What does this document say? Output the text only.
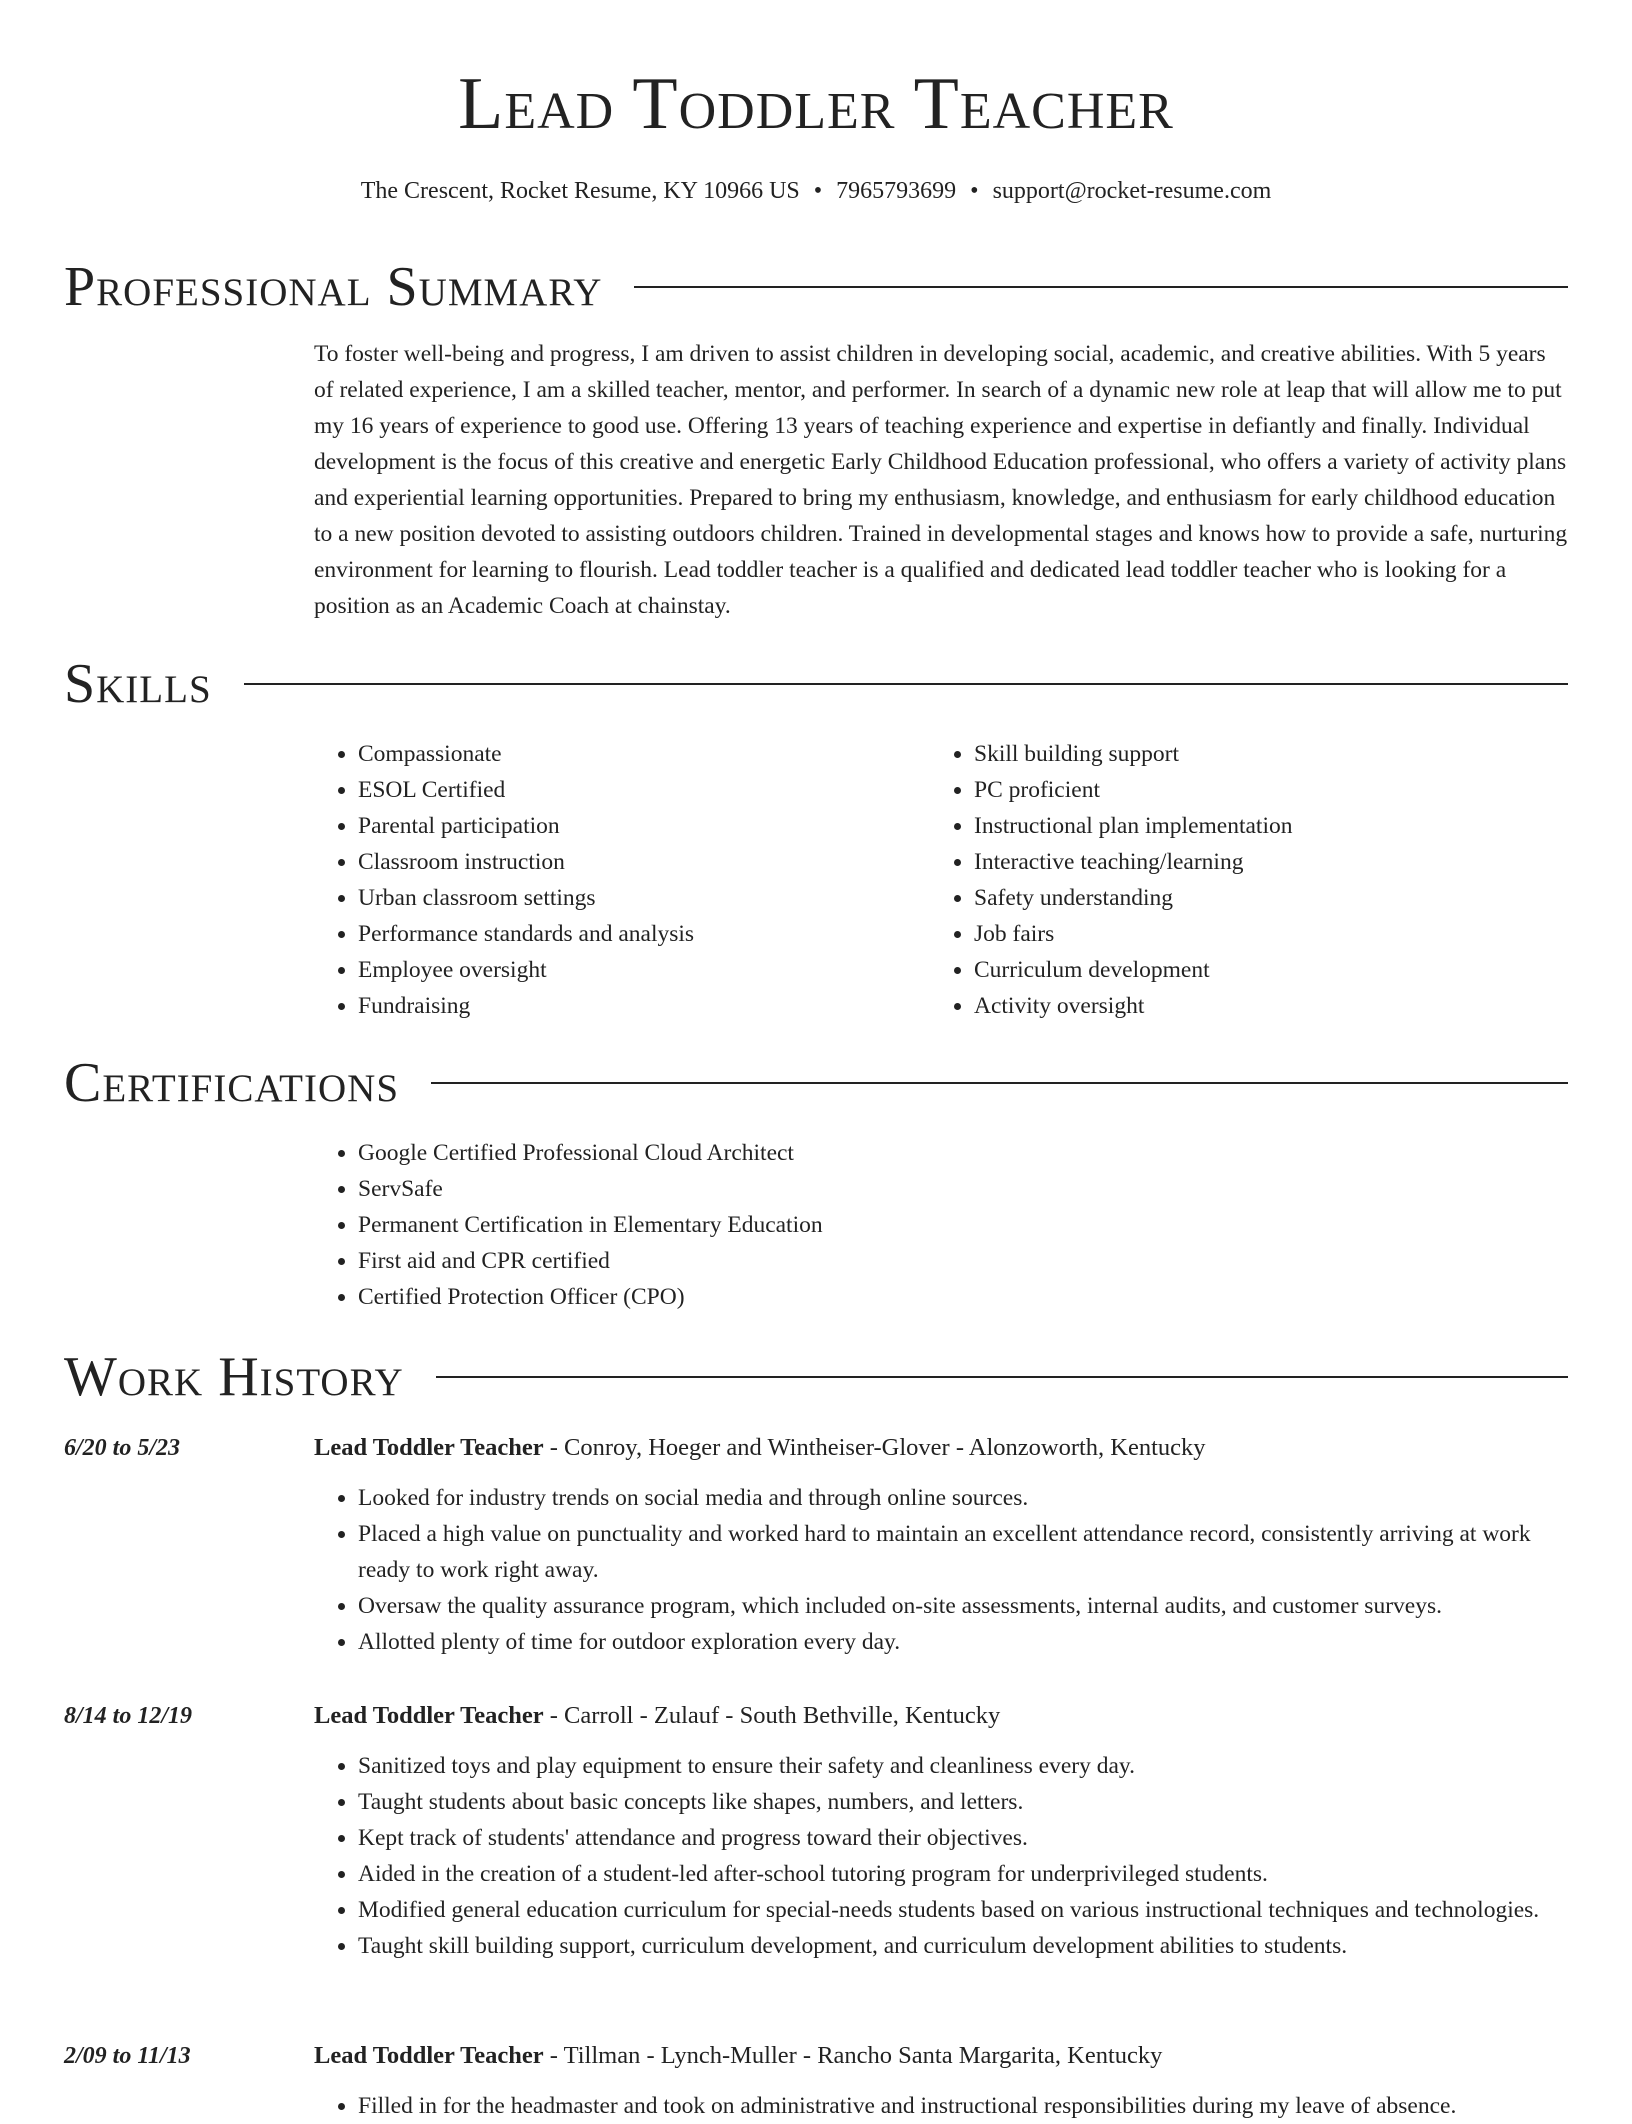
Lead Toddler Teacher
The Crescent, Rocket Resume, KY 10966 US • 7965793699 • support@rocket-resume.com
Professional Summary

To foster well-being and progress, I am driven to assist children in developing social, academic, and creative abilities. With 5 years of related experience, I am a skilled teacher, mentor, and performer. In search of a dynamic new role at leap that will allow me to put my 16 years of experience to good use. Offering 13 years of teaching experience and expertise in defiantly and finally. Individual development is the focus of this creative and energetic Early Childhood Education professional, who offers a variety of activity plans and experiential learning opportunities. Prepared to bring my enthusiasm, knowledge, and enthusiasm for early childhood education to a new position devoted to assisting outdoors children. Trained in developmental stages and knows how to provide a safe, nurturing environment for learning to flourish. Lead toddler teacher is a qualified and dedicated lead toddler teacher who is looking for a position as an Academic Coach at chainstay.

Skills
• Compassionate
• ESOL Certified
• Parental participation
• Classroom instruction
• Urban classroom settings
• Performance standards and analysis
• Employee oversight
• Fundraising
• Skill building support
• PC proficient
• Instructional plan implementation
• Interactive teaching/learning
• Safety understanding
• Job fairs
• Curriculum development
• Activity oversight
Certifications
• Google Certified Professional Cloud Architect
• ServSafe
• Permanent Certification in Elementary Education
• First aid and CPR certified
• Certified Protection Officer (CPO)
Work History
6/20 to 5/23	Lead Toddler Teacher - Conroy, Hoeger and Wintheiser-Glover - Alonzoworth, Kentucky
• Looked for industry trends on social media and through online sources.
• Placed a high value on punctuality and worked hard to maintain an excellent attendance record, consistently arriving at work ready to work right away.
• Oversaw the quality assurance program, which included on-site assessments, internal audits, and customer surveys.
• Allotted plenty of time for outdoor exploration every day.
8/14 to 12/19	Lead Toddler Teacher - Carroll - Zulauf - South Bethville, Kentucky
• Sanitized toys and play equipment to ensure their safety and cleanliness every day.
• Taught students about basic concepts like shapes, numbers, and letters.
• Kept track of students' attendance and progress toward their objectives.
• Aided in the creation of a student-led after-school tutoring program for underprivileged students.
• Modified general education curriculum for special-needs students based on various instructional techniques and technologies.
• Taught skill building support, curriculum development, and curriculum development abilities to students.
2/09 to 11/13	Lead Toddler Teacher - Tillman - Lynch-Muller - Rancho Santa Margarita, Kentucky
• Filled in for the headmaster and took on administrative and instructional responsibilities during my leave of absence.
